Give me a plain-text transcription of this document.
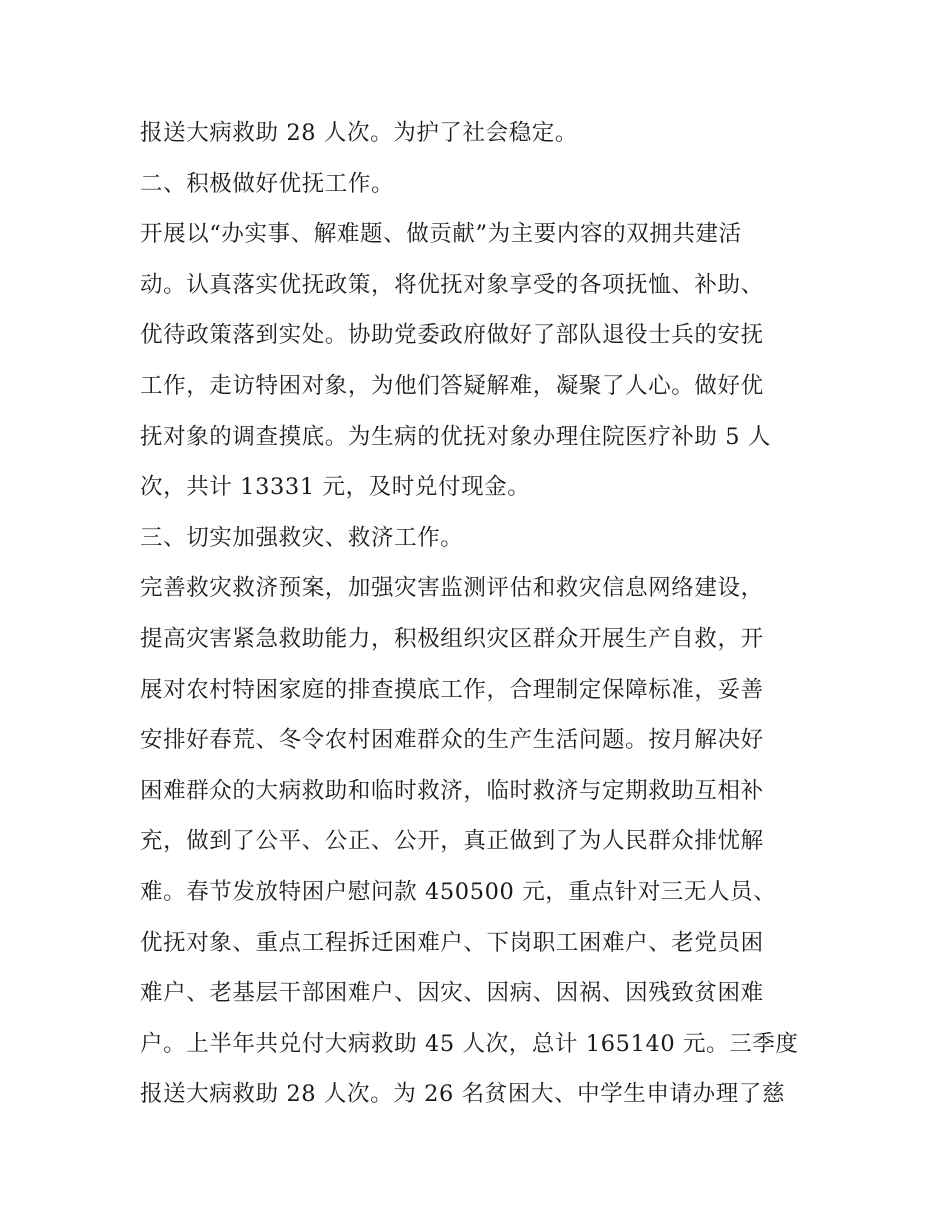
报送大病救助 28 人次。为护了社会稳定。
二、积极做好优抚工作。
开展以“办实事、解难题、做贡献”为主要内容的双拥共建活
动。认真落实优抚政策，将优抚对象享受的各项抚恤、补助、
优待政策落到实处。协助党委政府做好了部队退役士兵的安抚
工作，走访特困对象，为他们答疑解难，凝聚了人心。做好优
抚对象的调查摸底。为生病的优抚对象办理住院医疗补助 5 人
次，共计 13331 元，及时兑付现金。
三、切实加强救灾、救济工作。
完善救灾救济预案，加强灾害监测评估和救灾信息网络建设，
提高灾害紧急救助能力，积极组织灾区群众开展生产自救，开
展对农村特困家庭的排查摸底工作，合理制定保障标准，妥善
安排好春荒、冬令农村困难群众的生产生活问题。按月解决好
困难群众的大病救助和临时救济，临时救济与定期救助互相补
充，做到了公平、公正、公开，真正做到了为人民群众排忧解
难。春节发放特困户慰问款 450500 元，重点针对三无人员、
优抚对象、重点工程拆迁困难户、下岗职工困难户、老党员困
难户、老基层干部困难户、因灾、因病、因祸、因残致贫困难
户。上半年共兑付大病救助 45 人次，总计 165140 元。三季度
报送大病救助 28 人次。为 26 名贫困大、中学生申请办理了慈
